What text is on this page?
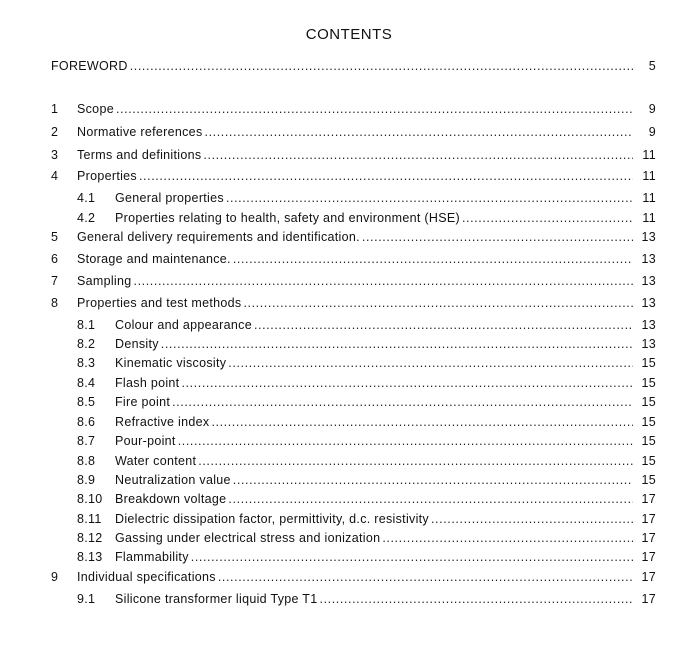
CONTENTS
FOREWORD .....	5
1 Scope .....	9
2 Normative references .....	9
3 Terms and definitions .....	11
4 Properties .....	11
4.1 General properties .....	11
4.2 Properties relating to health, safety and environment (HSE) .....	11
5 General delivery requirements and identification. .....	13
6 Storage and maintenance. .....	13
7 Sampling .....	13
8 Properties and test methods .....	13
8.1 Colour and appearance .....	13
8.2 Density .....	13
8.3 Kinematic viscosity .....	15
8.4 Flash point .....	15
8.5 Fire point .....	15
8.6 Refractive index .....	15
8.7 Pour-point .....	15
8.8 Water content .....	15
8.9 Neutralization value .....	15
8.10 Breakdown voltage .....	17
8.11 Dielectric dissipation factor, permittivity, d.c. resistivity .....	17
8.12 Gassing under electrical stress and ionization .....	17
8.13 Flammability .....	17
9 Individual specifications .....	17
9.1 Silicone transformer liquid Type T1 .....	17
